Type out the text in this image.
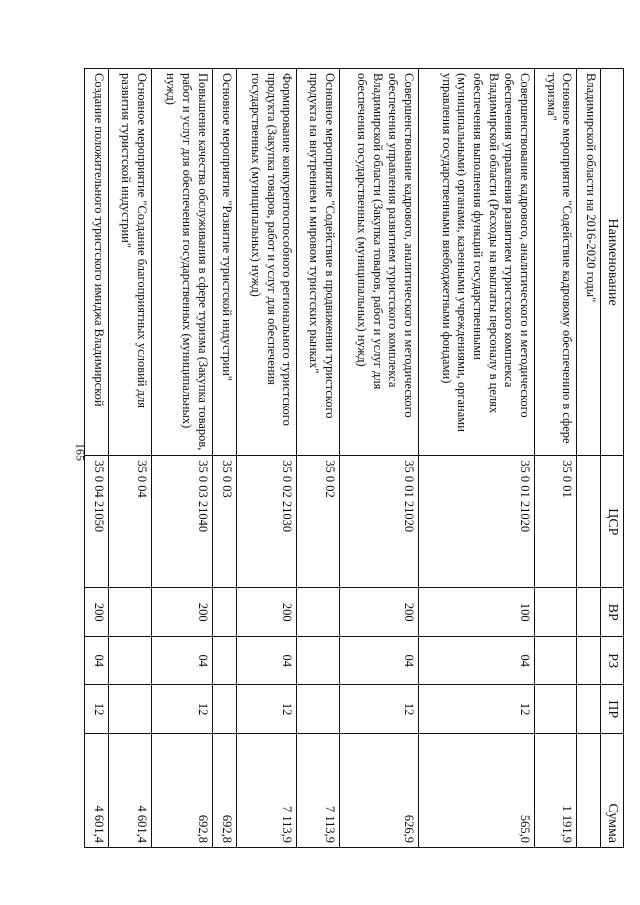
165
Наименование	ЦСР	ВР	РЗ	ПР	Сумма
Владимирской области на 2016-2020 годы"					
Основное мероприятие "Содействие кадровому обеспечению в сфере туризма"	35 0 01				1 191,9
Совершенствование кадрового, аналитического и методического обеспечения управления развитием туристского комплекса Владимирской области (Расходы на выплаты персоналу в целях обеспечения выполнения функций государственными (муниципальными) органами, казенными учреждениями, органами управления государственными внебюджетными фондами)	35 0 01 21020	100	04	12	565,0
Совершенствование кадрового, аналитического и методического обеспечения управления развитием туристского комплекса Владимирской области (Закупка товаров, работ и услуг для обеспечения государственных (муниципальных) нужд)	35 0 01 21020	200	04	12	626,9
Основное мероприятие "Содействие в продвижении туристского продукта на внутреннем и мировом туристских рынках"	35 0 02				7 113,9
Формирование конкурентоспособного регионального туристского продукта (Закупка товаров, работ и услуг для обеспечения государственных (муниципальных) нужд)	35 0 02 21030	200	04	12	7 113,9
Основное мероприятие "Развитие туристской индустрии"	35 0 03				692,8
Повышение качества обслуживания в сфере туризма (Закупка товаров, работ и услуг для обеспечения государственных (муниципальных) нужд)	35 0 03 21040	200	04	12	692,8
Основное мероприятие "Создание благоприятных условий для развития туристской индустрии"	35 0 04				4 601,4
Создание положительного туристского имиджа Владимирской	35 0 04 21050	200	04	12	4 601,4
